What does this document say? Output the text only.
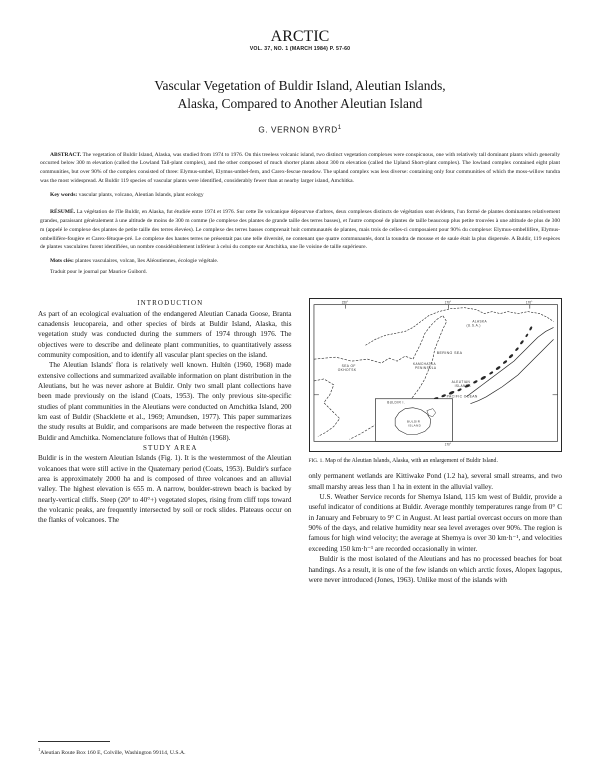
ARCTIC
VOL. 37, NO. 1 (MARCH 1984) P. 57-60
Vascular Vegetation of Buldir Island, Aleutian Islands,
Alaska, Compared to Another Aleutian Island
G. VERNON BYRD$^1$

ABSTRACT. The vegetation of Buldir Island, Alaska, was studied from 1974 to 1976. On this treeless volcanic island, two distinct vegetation complexes were conspicuous, one with relatively tall dominant plants which generally occurred below 300 m elevation (called the Lowland Tall-plant complex), and the other composed of much shorter plants about 300 m elevation (called the Upland Short-plant complex). The lowland complex contained eight plant communities, but over 90% of the complex consisted of three: Elymus-umbel, Elymus-umbel-fern, and Carex-fescue meadow. The upland complex was less diverse: containing only four communities of which the moss-willow tundra was the most widespread. At Buldir 119 species of vascular plants were identified, considerably fewer than at nearby larger island, Amchitka.

Key words: vascular plants, volcano, Aleutian Islands, plant ecology

RÉSUMÉ. La végétation de l'île Buldir, en Alaska, fut étudiée entre 1974 et 1976. Sur cette île volcanique dépourvue d'arbres, deux complexes distincts de végétation sont évidents, l'un formé de plantes dominantes relativement grandes, paraissant généralement à une altitude de moins de 300 m comme (le complexe des plantes de grande taille des terres basses), et l'autre composé de plantes de taille beaucoup plus petite trouvées à une altitude de plus de 300 m (appelé le complexe des plantes de petite taille des terres élevées). Le complexe des terres basses comprenait huit communautés de plantes, mais trois de celles-ci composaient pour 90% du complexe: Elymus-ombellifère, Elymus-ombellifère-fougère et Carex-fétuque-pré. Le complexe des hautes terres ne présentait pas une telle diversité, ne contenant que quatre communautés, dont la toundra de mousse et de saule était la plus dispersée. A Buldir, 119 espèces de plantes vasculaires furent identifiées, un nombre considérablement inférieur à celui du compte sur Amchitka, une île voisine de taille supérieure.

Mots clés: plantes vasculaires, volcan, îles Aléoutiennes, écologie végétale.

Traduit pour le journal par Maurice Guibord.

INTRODUCTION

As part of an ecological evaluation of the endangered Aleutian Canada Goose, Branta canadensis leucopareia, and other species of birds at Buldir Island, Alaska, this vegetation study was conducted during the summers of 1974 through 1976. The objectives were to describe and delineate plant communities, to quantitatively assess community composition, and to identify all vascular plant species on the island.

The Aleutian Islands' flora is relatively well known. Hultén (1960, 1968) made extensive collections and summarized available information on plant distribution in the Aleutians, but he was never ashore at Buldir. Only two small plant collections have been made previously on the island (Coats, 1953). The only previous site-specific studies of plant communities in the Aleutians were conducted on Amchitka Island, 200 km east of Buldir (Shacklette et al., 1969; Amundsen, 1977). This paper summarizes the study results at Buldir, and comparisons are made between the respective floras at Buldir and Amchitka. Nomenclature follows that of Hultén (1968).

STUDY AREA

Buldir is in the western Aleutian Islands (Fig. 1). It is the westernmost of the Aleutian volcanoes that were still active in the Quaternary period (Coats, 1953). Buldir's surface area is approximately 2000 ha and is composed of three volcanoes and an alluvial valley. The highest elevation is 655 m. A narrow, boulder-strewn beach is backed by nearly-vertical cliffs. Steep (20° to 40°+) vegetated slopes, rising from cliff tops toward the volcanic peaks, are frequently intersected by soil or rock slides. Plateaus occur on the flanks of volcanoes. The

150°	170°	170°
170°
SEA OF
OKHOTSK
BERING SEA
KAMCHATKA
PENINSULA
ALASKA
(U.S.A.)
ALEUTIAN
ISLANDS
PACIFIC OCEAN
BULDIR I.
BULDIR
ISLAND
FIG. 1. Map of the Aleutian Islands, Alaska, with an enlargement of Buldir Island.

only permanent wetlands are Kittiwake Pond (1.2 ha), several small streams, and two small marshy areas less than 1 ha in extent in the alluvial valley.

U.S. Weather Service records for Shemya Island, 115 km west of Buldir, provide a useful indicator of conditions at Buldir. Average monthly temperatures range from 0° C in January and February to 9° C in August. At least partial overcast occurs on more than 90% of the days, and relative humidity near sea level averages over 90%. The region is famous for high wind velocity; the average at Shemya is over 30 km·h⁻¹, and velocities exceeding 150 km·h⁻¹ are recorded occasionally in winter.

Buldir is the most isolated of the Aleutians and has no processed beaches for boat handings. As a result, it is one of the few islands on which arctic foxes, Alopex lagopus, were never introduced (Jones, 1963). Unlike most of the islands with

$^1$Aleutian Route Box 160 E, Colville, Washington 99114, U.S.A.
